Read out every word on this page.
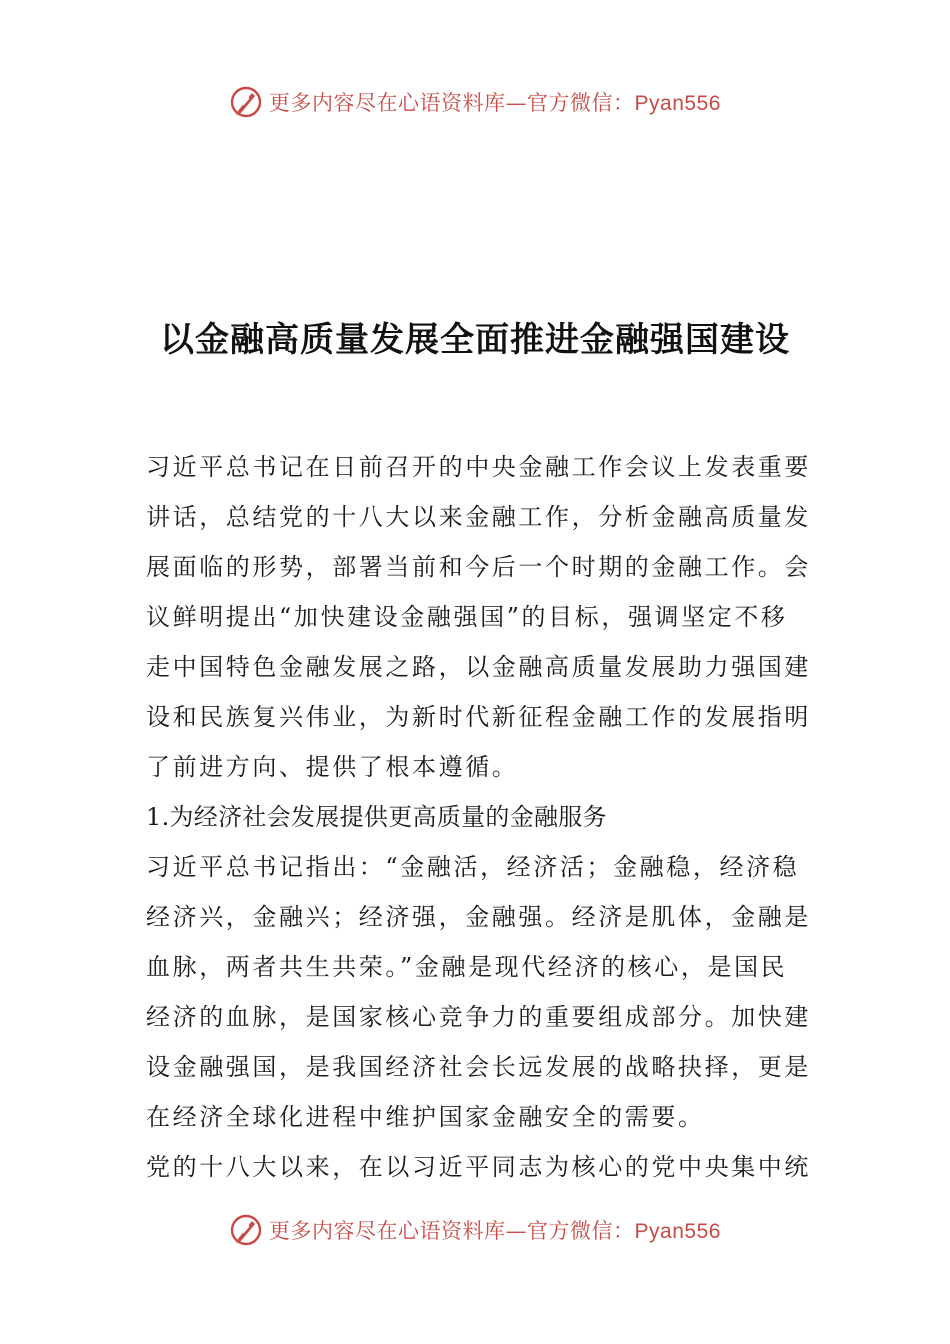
更多内容尽在心语资料库—官方微信：Pyan556
以金融高质量发展全面推进金融强国建设
习近平总书记在日前召开的中央金融工作会议上发表重要
讲话，总结党的十八大以来金融工作，分析金融高质量发
展面临的形势，部署当前和今后一个时期的金融工作。会
议鲜明提出“加快建设金融强国”的目标，强调坚定不移
走中国特色金融发展之路，以金融高质量发展助力强国建
设和民族复兴伟业，为新时代新征程金融工作的发展指明
了前进方向、提供了根本遵循。
1.为经济社会发展提供更高质量的金融服务
习近平总书记指出：“金融活，经济活；金融稳，经济稳
经济兴，金融兴；经济强，金融强。经济是肌体，金融是
血脉，两者共生共荣。”金融是现代经济的核心，是国民
经济的血脉，是国家核心竞争力的重要组成部分。加快建
设金融强国，是我国经济社会长远发展的战略抉择，更是
在经济全球化进程中维护国家金融安全的需要。
党的十八大以来，在以习近平同志为核心的党中央集中统
更多内容尽在心语资料库—官方微信：Pyan556
